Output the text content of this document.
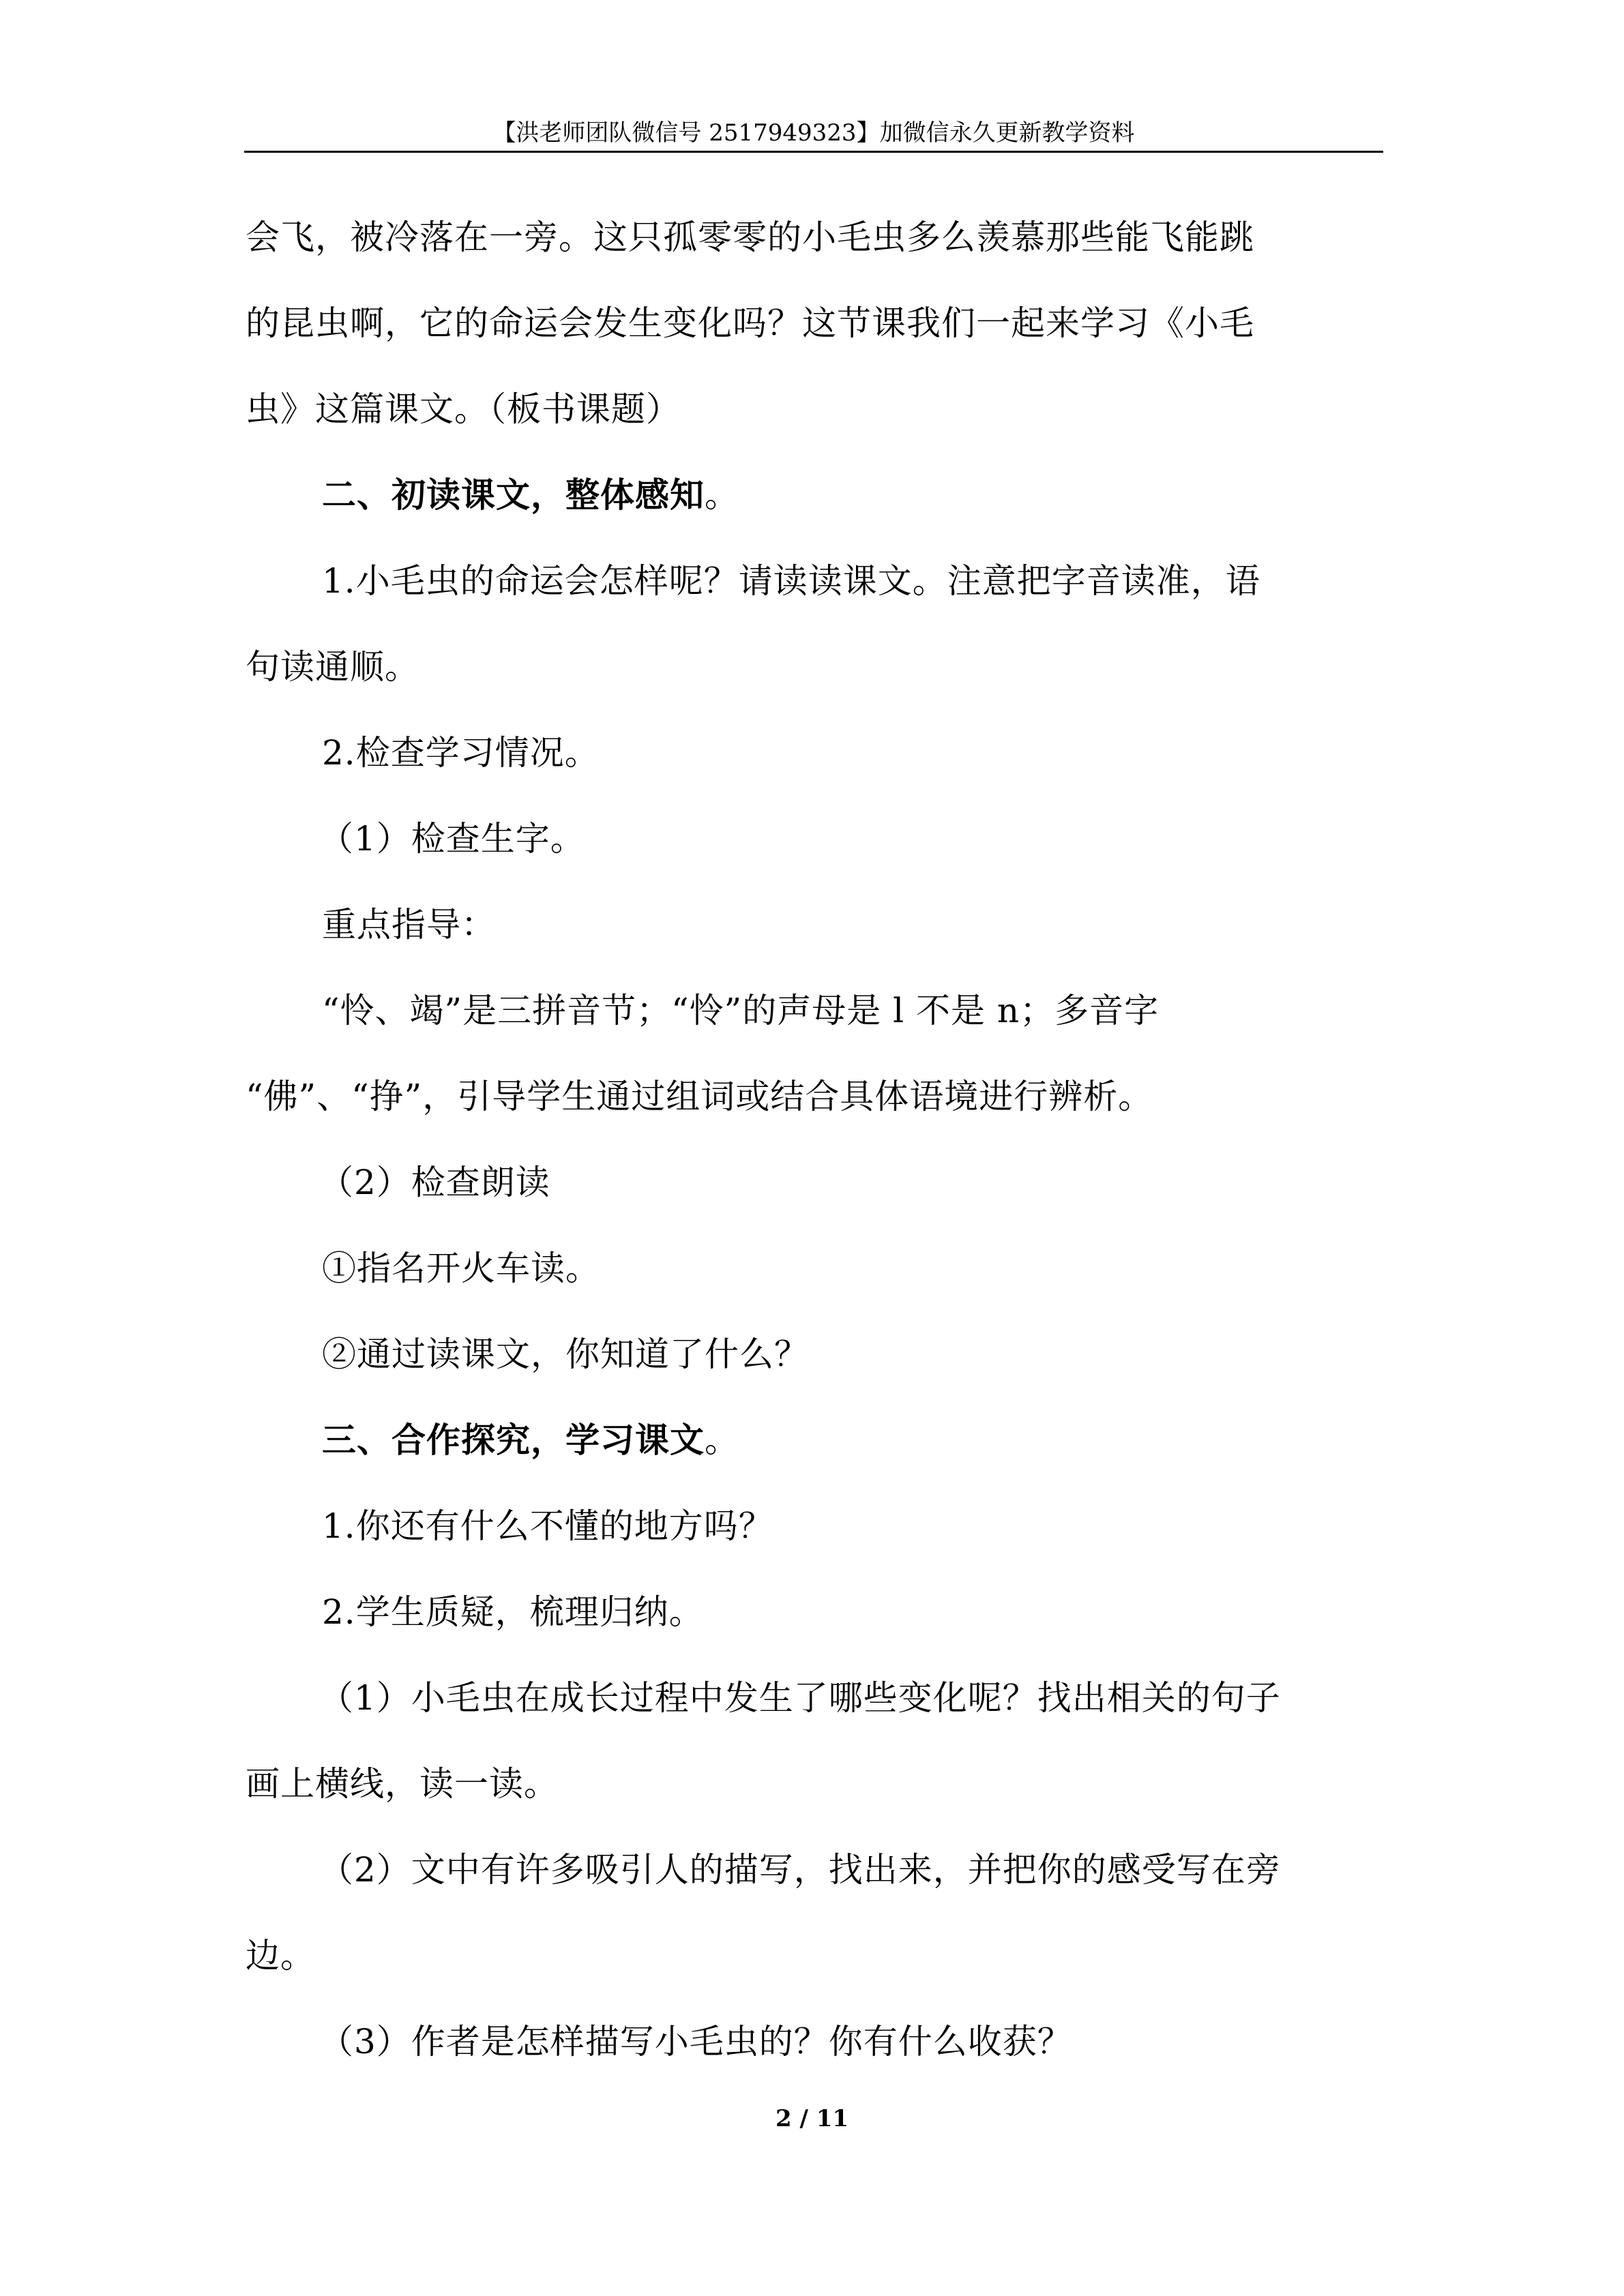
【洪老师团队微信号 2517949323】加微信永久更新教学资料
会飞，被冷落在一旁。这只孤零零的小毛虫多么羡慕那些能飞能跳
的昆虫啊，它的命运会发生变化吗？这节课我们一起来学习《小毛
虫》这篇课文。（板书课题）
二、初读课文，整体感知。
1.小毛虫的命运会怎样呢？请读读课文。注意把字音读准，语
句读通顺。
2.检查学习情况。
（1）检查生字。
重点指导：
“怜、竭”是三拼音节；“怜”的声母是 l 不是 n；多音字
“佛”、“挣”，引导学生通过组词或结合具体语境进行辨析。
（2）检查朗读
①指名开火车读。
②通过读课文，你知道了什么？
三、合作探究，学习课文。
1.你还有什么不懂的地方吗？
2.学生质疑，梳理归纳。
（1）小毛虫在成长过程中发生了哪些变化呢？找出相关的句子
画上横线，读一读。
（2）文中有许多吸引人的描写，找出来，并把你的感受写在旁
边。
（3）作者是怎样描写小毛虫的？你有什么收获？
2 / 11
